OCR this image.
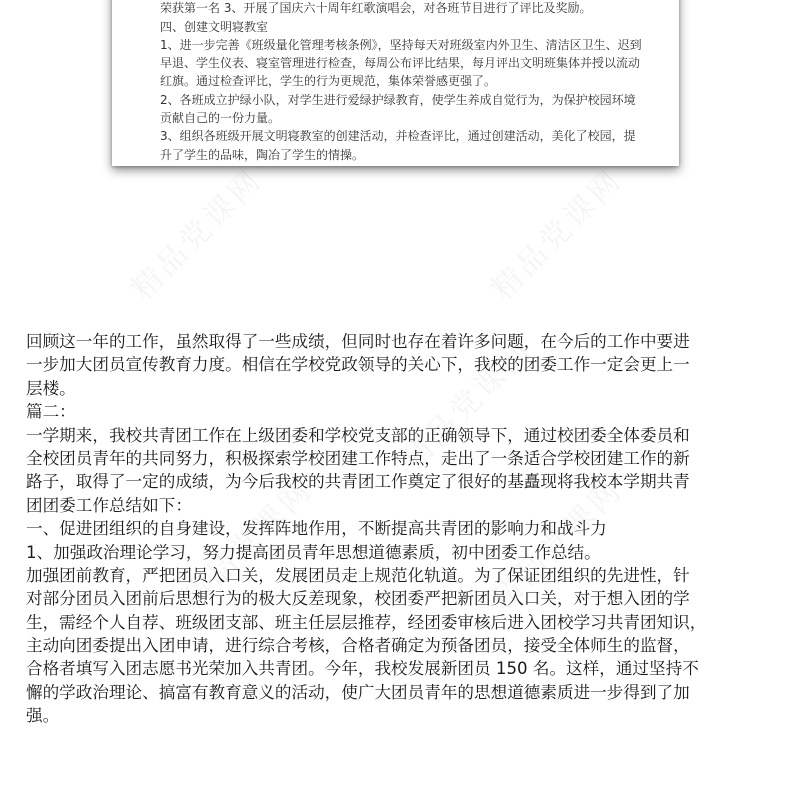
荣获第一名 3、开展了国庆六十周年红歌演唱会，对各班节目进行了评比及奖励。
四、创建文明寝教室
1、进一步完善《班级量化管理考核条例》，坚持每天对班级室内外卫生、清洁区卫生、迟到
早退、学生仪表、寝室管理进行检查，每周公布评比结果，每月评出文明班集体并授以流动
红旗。通过检查评比，学生的行为更规范，集体荣誉感更强了。
2、各班成立护绿小队，对学生进行爱绿护绿教育，使学生养成自觉行为，为保护校园环境
贡献自己的一份力量。
3、组织各班级开展文明寝教室的创建活动，并检查评比，通过创建活动，美化了校园，提
升了学生的品味，陶冶了学生的情操。
回顾这一年的工作，虽然取得了一些成绩，但同时也存在着许多问题，在今后的工作中要进
一步加大团员宣传教育力度。相信在学校党政领导的关心下，我校的团委工作一定会更上一
层楼。
篇二：
一学期来，我校共青团工作在上级团委和学校党支部的正确领导下，通过校团委全体委员和
全校团员青年的共同努力，积极探索学校团建工作特点，走出了一条适合学校团建工作的新
路子，取得了一定的成绩，为今后我校的共青团工作奠定了很好的基矗现将我校本学期共青
团团委工作总结如下：
一、促进团组织的自身建设，发挥阵地作用，不断提高共青团的影响力和战斗力
1、加强政治理论学习，努力提高团员青年思想道德素质，初中团委工作总结。
加强团前教育，严把团员入口关，发展团员走上规范化轨道。为了保证团组织的先进性，针
对部分团员入团前后思想行为的极大反差现象，校团委严把新团员入口关，对于想入团的学
生，需经个人自荐、班级团支部、班主任层层推荐，经团委审核后进入团校学习共青团知识，
主动向团委提出入团申请，进行综合考核，合格者确定为预备团员，接受全体师生的监督，
合格者填写入团志愿书光荣加入共青团。今年，我校发展新团员 150 名。这样，通过坚持不
懈的学政治理论、搞富有教育意义的活动，使广大团员青年的思想道德素质进一步得到了加
强。
